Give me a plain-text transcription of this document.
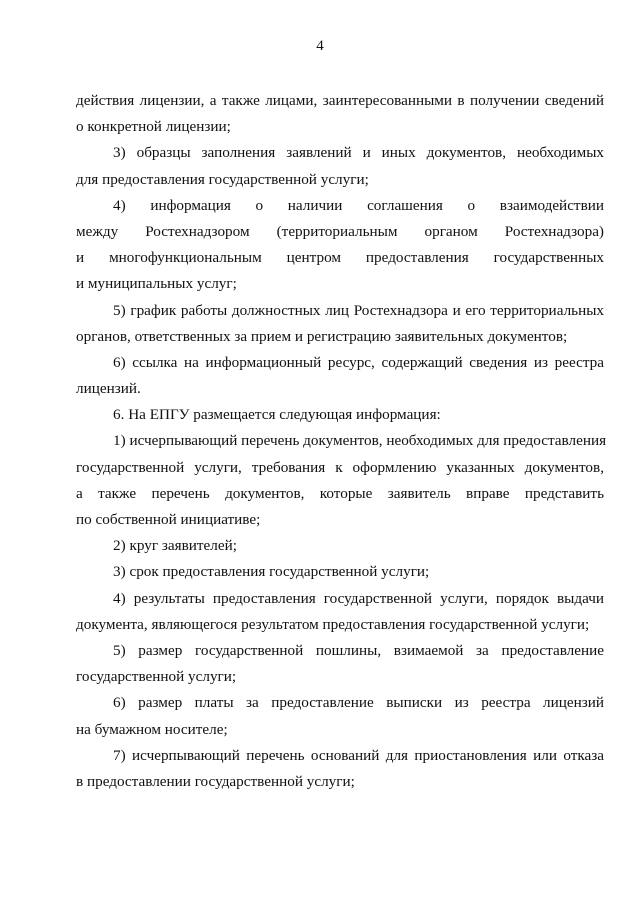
4
действия лицензии, а также лицами, заинтересованными в получении сведений
о конкретной лицензии;
3) образцы заполнения заявлений и иных документов, необходимых
для предоставления государственной услуги;
4) информация о наличии соглашения о взаимодействии
между Ростехнадзором (территориальным органом Ростехнадзора)
и многофункциональным центром предоставления государственных
и муниципальных услуг;
5) график работы должностных лиц Ростехнадзора и его территориальных
органов, ответственных за прием и регистрацию заявительных документов;
6) ссылка на информационный ресурс, содержащий сведения из реестра
лицензий.
6. На ЕПГУ размещается следующая информация:
1) исчерпывающий перечень документов, необходимых для предоставления
государственной услуги, требования к оформлению указанных документов,
а также перечень документов, которые заявитель вправе представить
по собственной инициативе;
2) круг заявителей;
3) срок предоставления государственной услуги;
4) результаты предоставления государственной услуги, порядок выдачи
документа, являющегося результатом предоставления государственной услуги;
5) размер государственной пошлины, взимаемой за предоставление
государственной услуги;
6) размер платы за предоставление выписки из реестра лицензий
на бумажном носителе;
7) исчерпывающий перечень оснований для приостановления или отказа
в предоставлении государственной услуги;
